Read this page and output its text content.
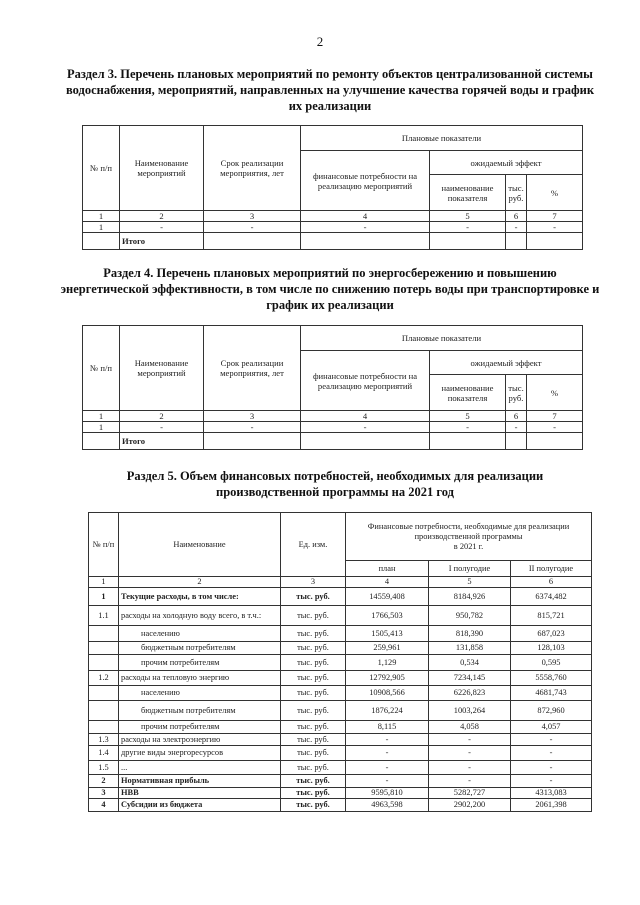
2
Раздел 3. Перечень плановых мероприятий по ремонту объектов централизованной системы водоснабжения, мероприятий, направленных на улучшение качества горячей воды и график их реализации
№ п/п	Наименование мероприятий	Срок реализации мероприятия, лет	Плановые показатели			
			финансовые потребности на реализацию мероприятий	ожидаемый эффект		
				наименование показателя	тыс. руб.	%
1	2	3	4	5	6	7
1	-	-	-	-	-	-
	Итого					
Раздел 4. Перечень плановых мероприятий по энергосбережению и повышению энергетической эффективности, в том числе по снижению потерь воды при транспортировке и график их реализации
№ п/п	Наименование мероприятий	Срок реализации мероприятия, лет	Плановые показатели			
			финансовые потребности на реализацию мероприятий	ожидаемый эффект		
				наименование показателя	тыс. руб.	%
1	2	3	4	5	6	7
1	-	-	-	-	-	-
	Итого					
Раздел 5. Объем финансовых потребностей, необходимых для реализации производственной программы на 2021 год
№ п/п	Наименование	Ед. изм.	Финансовые потребности, необходимые для реализации производственной программы
в 2021 г.		

			план	I полугодие	II полугодие
1	2	3	4	5	6
1	Текущие расходы, в том числе:	тыс. руб.	14559,408	8184,926	6374,482
1.1	расходы на холодную воду всего, в т.ч.:	тыс. руб.	1766,503	950,782	815,721
	населению	тыс. руб.	1505,413	818,390	687,023
	бюджетным потребителям	тыс. руб.	259,961	131,858	128,103
	прочим потребителям	тыс. руб.	1,129	0,534	0,595
1.2	расходы на тепловую энергию	тыс. руб.	12792,905	7234,145	5558,760
	населению	тыс. руб.	10908,566	6226,823	4681,743
	бюджетным потребителям	тыс. руб.	1876,224	1003,264	872,960
	прочим потребителям	тыс. руб.	8,115	4,058	4,057
1.3	расходы на электроэнергию	тыс. руб.	-	-	-
1.4	другие виды энергоресурсов	тыс. руб.	-	-	-
1.5	...	тыс. руб.	-	-	-
2	Нормативная прибыль	тыс. руб.	-	-	-
3	НВВ	тыс. руб.	9595,810	5282,727	4313,083
4	Субсидии из бюджета	тыс. руб.	4963,598	2902,200	2061,398
